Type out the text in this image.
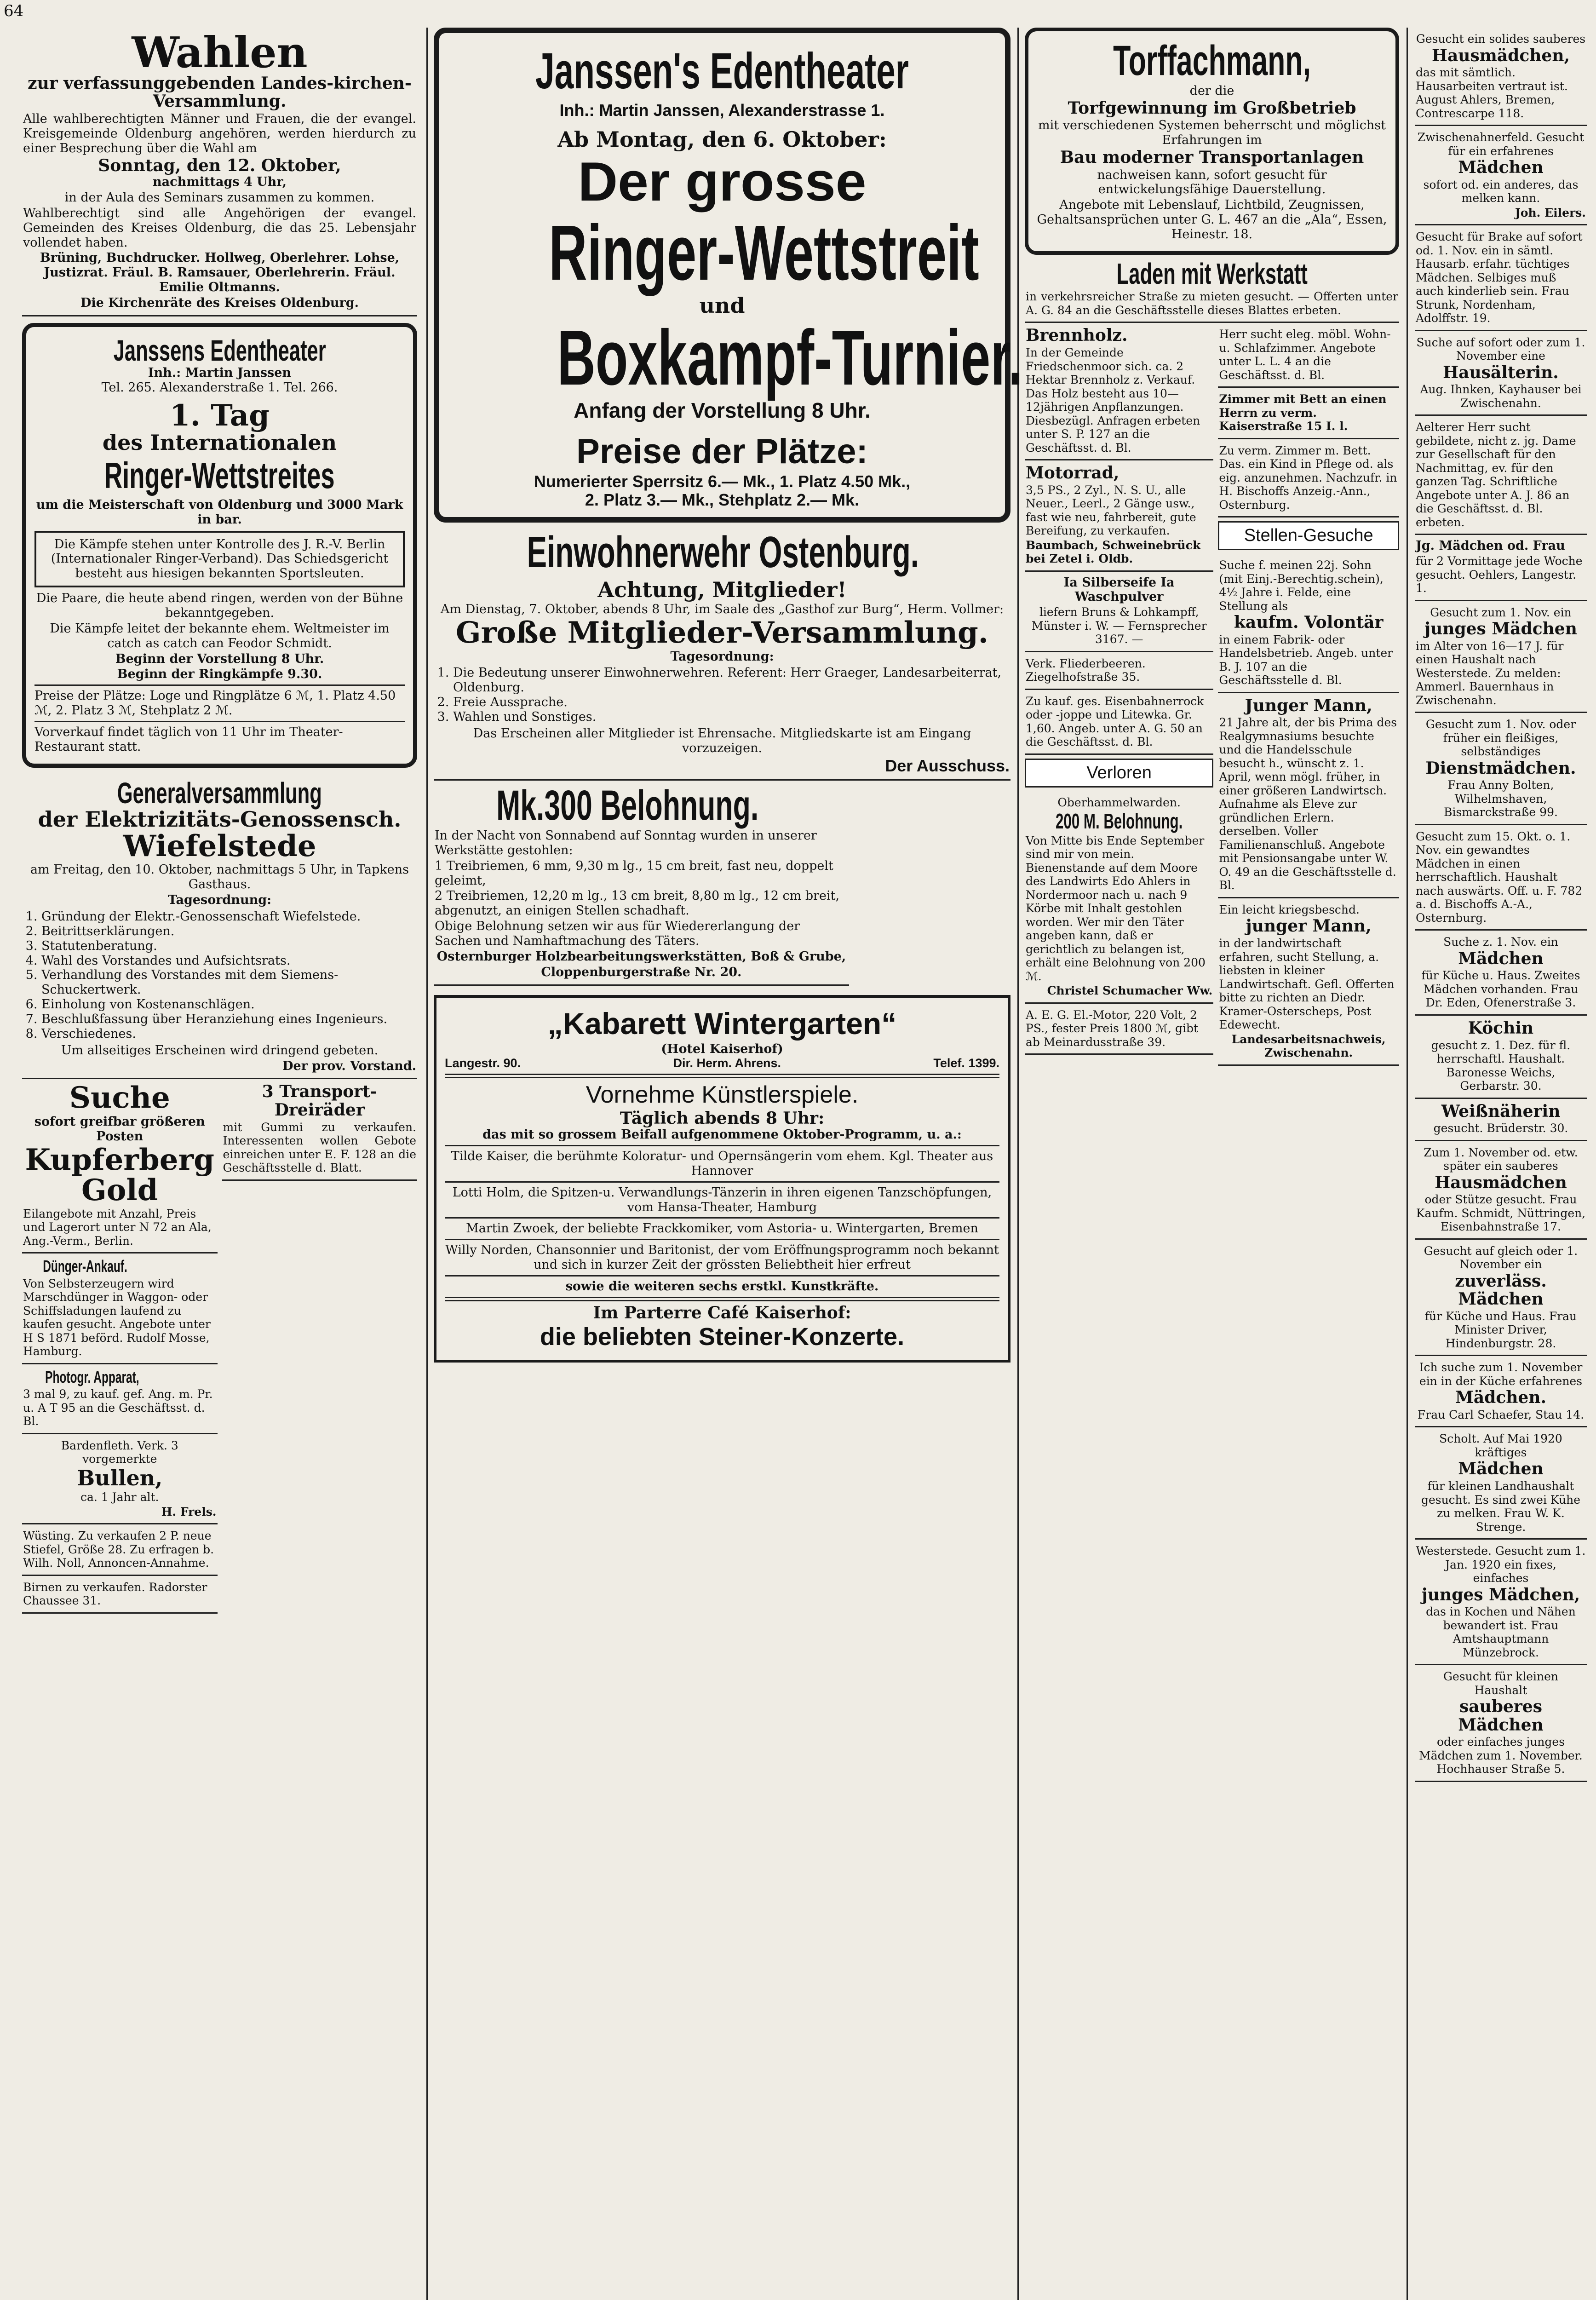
64
Wahlen
zur verfassunggebenden Landes-kirchen-Versammlung.

Alle wahlberechtigten Männer und Frauen, die der evangel. Kreisgemeinde Oldenburg angehören, werden hierdurch zu einer Besprechung über die Wahl am

Sonntag, den 12. Oktober,
nachmittags 4 Uhr,

in der Aula des Seminars zusammen zu kommen.

Wahlberechtigt sind alle Angehörigen der evangel. Gemeinden des Kreises Oldenburg, die das 25. Lebensjahr vollendet haben.

Brüning, Buchdrucker. Hollweg, Oberlehrer. Lohse, Justizrat. Fräul. B. Ramsauer, Oberlehrerin. Fräul. Emilie Oltmanns.

Die Kirchenräte des Kreises Oldenburg.

Janssens Edentheater
Inh.: Martin Janssen
Tel. 265. Alexanderstraße 1. Tel. 266.
1. Tag
des Internationalen
Ringer-Wettstreites
um die Meisterschaft von Oldenburg und 3000 Mark in bar.
Die Kämpfe stehen unter Kontrolle des J. R.-V. Berlin (Internationaler Ringer-Verband). Das Schiedsgericht besteht aus hiesigen bekannten Sportsleuten.

Die Paare, die heute abend ringen, werden von der Bühne bekanntgegeben.

Die Kämpfe leitet der bekannte ehem. Weltmeister im catch as catch can Feodor Schmidt.

Beginn der Vorstellung 8 Uhr.

Beginn der Ringkämpfe 9.30.

Preise der Plätze: Loge und Ringplätze 6 ℳ, 1. Platz 4.50 ℳ, 2. Platz 3 ℳ, Stehplatz 2 ℳ.

Vorverkauf findet täglich von 11 Uhr im Theater-Restaurant statt.

Generalversammlung
der Elektrizitäts-Genossensch.
Wiefelstede

am Freitag, den 10. Oktober, nachmittags 5 Uhr, in Tapkens Gasthaus.

Tagesordnung:

1. Gründung der Elektr.-Genossenschaft Wiefelstede.
2. Beitrittserklärungen.
3. Statutenberatung.
4. Wahl des Vorstandes und Aufsichtsrats.
5. Verhandlung des Vorstandes mit dem Siemens-Schuckertwerk.
6. Einholung von Kostenanschlägen.
7. Beschlußfassung über Heranziehung eines Ingenieurs.
8. Verschiedenes.

Um allseitiges Erscheinen wird dringend gebeten.

Der prov. Vorstand.

Suche

sofort greifbar größeren Posten

Kupferberg Gold

Eilangebote mit Anzahl, Preis und Lagerort unter N 72 an Ala, Ang.-Verm., Berlin.

Dünger-Ankauf.

Von Selbsterzeugern wird Marschdünger in Waggon- oder Schiffsladungen laufend zu kaufen gesucht. Angebote unter H S 1871 beförd. Rudolf Mosse, Hamburg.

Photogr. Apparat,

3 mal 9, zu kauf. gef. Ang. m. Pr. u. A T 95 an die Geschäftsst. d. Bl.

Bardenfleth. Verk. 3 vorgemerkte

Bullen,

ca. 1 Jahr alt.

H. Frels.

Wüsting. Zu verkaufen 2 P. neue Stiefel, Größe 28. Zu erfragen b. Wilh. Noll, Annoncen-Annahme.

Birnen zu verkaufen. Radorster Chaussee 31.

3 Transport-Dreiräder

mit Gummi zu verkaufen. Interessenten wollen Gebote einreichen unter E. F. 128 an die Geschäftsstelle d. Blatt.

Janssen's Edentheater
Inh.: Martin Janssen, Alexanderstrasse 1.
Ab Montag, den 6. Oktober:
Der grosse
Ringer-Wettstreit
und
Boxkampf-Turnier.
Anfang der Vorstellung 8 Uhr.
Preise der Plätze:
Numerierter Sperrsitz 6.— Mk., 1. Platz 4.50 Mk.,
2. Platz 3.— Mk., Stehplatz 2.— Mk.
Einwohnerwehr Ostenburg.
Achtung, Mitglieder!

Am Dienstag, 7. Oktober, abends 8 Uhr, im Saale des „Gasthof zur Burg“, Herm. Vollmer:

Große Mitglieder-Versammlung.

Tagesordnung:

1. Die Bedeutung unserer Einwohnerwehren. Referent: Herr Graeger, Landesarbeiterrat, Oldenburg.
2. Freie Aussprache.
3. Wahlen und Sonstiges.

Das Erscheinen aller Mitglieder ist Ehrensache. Mitgliedskarte ist am Eingang vorzuzeigen.

Der Ausschuss.

Mk.300 Belohnung.

In der Nacht von Sonnabend auf Sonntag wurden in unserer Werkstätte gestohlen:

1 Treibriemen, 6 mm, 9,30 m lg., 15 cm breit, fast neu, doppelt geleimt,

2 Treibriemen, 12,20 m lg., 13 cm breit, 8,80 m lg., 12 cm breit, abgenutzt, an einigen Stellen schadhaft.

Obige Belohnung setzen wir aus für Wiedererlangung der Sachen und Namhaftmachung des Täters.

Osternburger Holzbearbeitungswerkstätten, Boß & Grube,

Cloppenburgerstraße Nr. 20.

„Kabarett Wintergarten“
(Hotel Kaiserhof)
Langestr. 90.	Dir. Herm. Ahrens.	Telef. 1399.
Vornehme Künstlerspiele.
Täglich abends 8 Uhr:
das mit so grossem Beifall aufgenommene Oktober-Programm, u. a.:

Tilde Kaiser, die berühmte Koloratur- und Opernsängerin vom ehem. Kgl. Theater aus Hannover

Lotti Holm, die Spitzen-u. Verwandlungs-Tänzerin in ihren eigenen Tanzschöpfungen, vom Hansa-Theater, Hamburg

Martin Zwoek, der beliebte Frackkomiker, vom Astoria- u. Wintergarten, Bremen

Willy Norden, Chansonnier und Baritonist, der vom Eröffnungsprogramm noch bekannt und sich in kurzer Zeit der grössten Beliebtheit hier erfreut

sowie die weiteren sechs erstkl. Kunstkräfte.

Im Parterre Café Kaiserhof:
die beliebten Steiner-Konzerte.
Torffachmann,

der die

Torfgewinnung im Großbetrieb

mit verschiedenen Systemen beherrscht und möglichst Erfahrungen im

Bau moderner Transportanlagen

nachweisen kann, sofort gesucht für entwickelungsfähige Dauerstellung.

Angebote mit Lebenslauf, Lichtbild, Zeugnissen, Gehaltsansprüchen unter G. L. 467 an die „Ala“, Essen, Heinestr. 18.

Laden mit Werkstatt

in verkehrsreicher Straße zu mieten gesucht. — Offerten unter A. G. 84 an die Geschäftsstelle dieses Blattes erbeten.

Brennholz.

In der Gemeinde Friedschenmoor sich. ca. 2 Hektar Brennholz z. Verkauf. Das Holz besteht aus 10—12jährigen Anpflanzungen. Diesbezügl. Anfragen erbeten unter S. P. 127 an die Geschäftsst. d. Bl.

Motorrad,

3,5 PS., 2 Zyl., N. S. U., alle Neuer., Leerl., 2 Gänge usw., fast wie neu, fahrbereit, gute Bereifung, zu verkaufen.

Baumbach, Schweinebrück bei Zetel i. Oldb.

Ia Silberseife Ia Waschpulver

liefern Bruns & Lohkampff, Münster i. W. — Fernsprecher 3167. —

Verk. Fliederbeeren. Ziegelhofstraße 35.

Zu kauf. ges. Eisenbahnerrock oder -joppe und Litewka. Gr. 1,60. Angeb. unter A. G. 50 an die Geschäftsst. d. Bl.

Verloren

Oberhammelwarden.

200 M. Belohnung.

Von Mitte bis Ende September sind mir von mein. Bienenstande auf dem Moore des Landwirts Edo Ahlers in Nordermoor nach u. nach 9 Körbe mit Inhalt gestohlen worden. Wer mir den Täter angeben kann, daß er gerichtlich zu belangen ist, erhält eine Belohnung von 200 ℳ.

Christel Schumacher Ww.

A. E. G. El.-Motor, 220 Volt, 2 PS., fester Preis 1800 ℳ, gibt ab Meinardusstraße 39.

Herr sucht eleg. möbl. Wohn- u. Schlafzimmer. Angebote unter L. L. 4 an die Geschäftsst. d. Bl.

Zimmer mit Bett an einen Herrn zu verm. Kaiserstraße 15 I. l.

Zu verm. Zimmer m. Bett. Das. ein Kind in Pflege od. als eig. anzunehmen. Nachzufr. in H. Bischoffs Anzeig.-Ann., Osternburg.

Stellen-Gesuche

Suche f. meinen 22j. Sohn (mit Einj.-Berechtig.schein), 4½ Jahre i. Felde, eine Stellung als

kaufm. Volontär

in einem Fabrik- oder Handelsbetrieb. Angeb. unter B. J. 107 an die Geschäftsstelle d. Bl.

Junger Mann,

21 Jahre alt, der bis Prima des Realgymnasiums besuchte und die Handelsschule besucht h., wünscht z. 1. April, wenn mögl. früher, in einer größeren Landwirtsch. Aufnahme als Eleve zur gründlichen Erlern. derselben. Voller Familienanschluß. Angebote mit Pensionsangabe unter W. O. 49 an die Geschäftsstelle d. Bl.

Ein leicht kriegsbeschd.

junger Mann,

in der landwirtschaft erfahren, sucht Stellung, a. liebsten in kleiner Landwirtschaft. Gefl. Offerten bitte zu richten an Diedr. Kramer-Osterscheps, Post Edewecht.

Landesarbeitsnachweis, Zwischenahn.

Gesucht ein solides sauberes

Hausmädchen,

das mit sämtlich. Hausarbeiten vertraut ist. August Ahlers, Bremen, Contrescarpe 118.

Zwischenahnerfeld. Gesucht für ein erfahrenes

Mädchen

sofort od. ein anderes, das melken kann.

Joh. Eilers.

Gesucht für Brake auf sofort od. 1. Nov. ein in sämtl. Hausarb. erfahr. tüchtiges Mädchen. Selbiges muß auch kinderlieb sein. Frau Strunk, Nordenham, Adolffstr. 19.

Suche auf sofort oder zum 1. November eine

Hausälterin.

Aug. Ihnken, Kayhauser bei Zwischenahn.

Aelterer Herr sucht gebildete, nicht z. jg. Dame zur Gesellschaft für den Nachmittag, ev. für den ganzen Tag. Schriftliche Angebote unter A. J. 86 an die Geschäftsst. d. Bl. erbeten.

Jg. Mädchen od. Frau

für 2 Vormittage jede Woche gesucht. Oehlers, Langestr. 1.

Gesucht zum 1. Nov. ein

junges Mädchen

im Alter von 16—17 J. für einen Haushalt nach Westerstede. Zu melden: Ammerl. Bauernhaus in Zwischenahn.

Gesucht zum 1. Nov. oder früher ein fleißiges, selbständiges

Dienstmädchen.

Frau Anny Bolten, Wilhelmshaven, Bismarckstraße 99.

Gesucht zum 15. Okt. o. 1. Nov. ein gewandtes Mädchen in einen herrschaftlich. Haushalt nach auswärts. Off. u. F. 782 a. d. Bischoffs A.-A., Osternburg.

Suche z. 1. Nov. ein

Mädchen

für Küche u. Haus. Zweites Mädchen vorhanden. Frau Dr. Eden, Ofenerstraße 3.

Köchin

gesucht z. 1. Dez. für fl. herrschaftl. Haushalt. Baronesse Weichs, Gerbarstr. 30.

Weißnäherin

gesucht. Brüderstr. 30.

Zum 1. November od. etw. später ein sauberes

Hausmädchen

oder Stütze gesucht. Frau Kaufm. Schmidt, Nüttringen, Eisenbahnstraße 17.

Gesucht auf gleich oder 1. November ein

zuverläss. Mädchen

für Küche und Haus. Frau Minister Driver, Hindenburgstr. 28.

Ich suche zum 1. November ein in der Küche erfahrenes

Mädchen.

Frau Carl Schaefer, Stau 14.

Scholt. Auf Mai 1920 kräftiges

Mädchen

für kleinen Landhaushalt gesucht. Es sind zwei Kühe zu melken. Frau W. K. Strenge.

Westerstede. Gesucht zum 1. Jan. 1920 ein fixes, einfaches

junges Mädchen,

das in Kochen und Nähen bewandert ist. Frau Amtshauptmann Münzebrock.

Gesucht für kleinen Haushalt

sauberes Mädchen

oder einfaches junges Mädchen zum 1. November. Hochhauser Straße 5.
